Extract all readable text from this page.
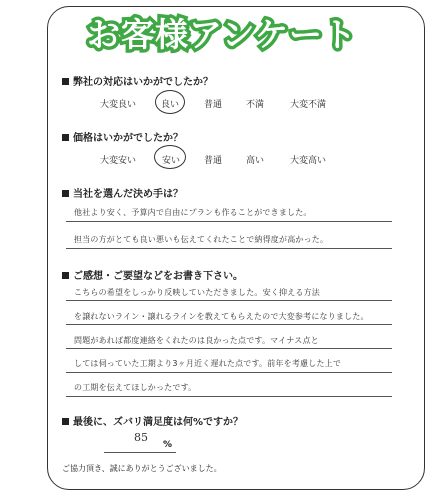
お客様アンケート
弊社の対応はいかがでしたか？
大変良い	良い	普通	不満	大変不満
価格はいかがでしたか？
大変安い	安い	普通	高い	大変高い
当社を選んだ決め手は？
他社より安く、予算内で自由にプランも作ることができました。
担当の方がとても良い悪いも伝えてくれたことで納得度が高かった。
ご感想・ご要望などをお書き下さい。
こちらの希望をしっかり反映していただきました。安く抑える方法
を譲れないライン・譲れるラインを教えてもらえたので大変参考になりました。
問題があれば都度連絡をくれたのは良かった点です。マイナス点と
しては伺っていた工期より3ヶ月近く遅れた点です。前年を考慮した上で
の工期を伝えてほしかったです。
最後に、ズバリ満足度は何%ですか？
85
%
ご協力頂き、誠にありがとうございました。
